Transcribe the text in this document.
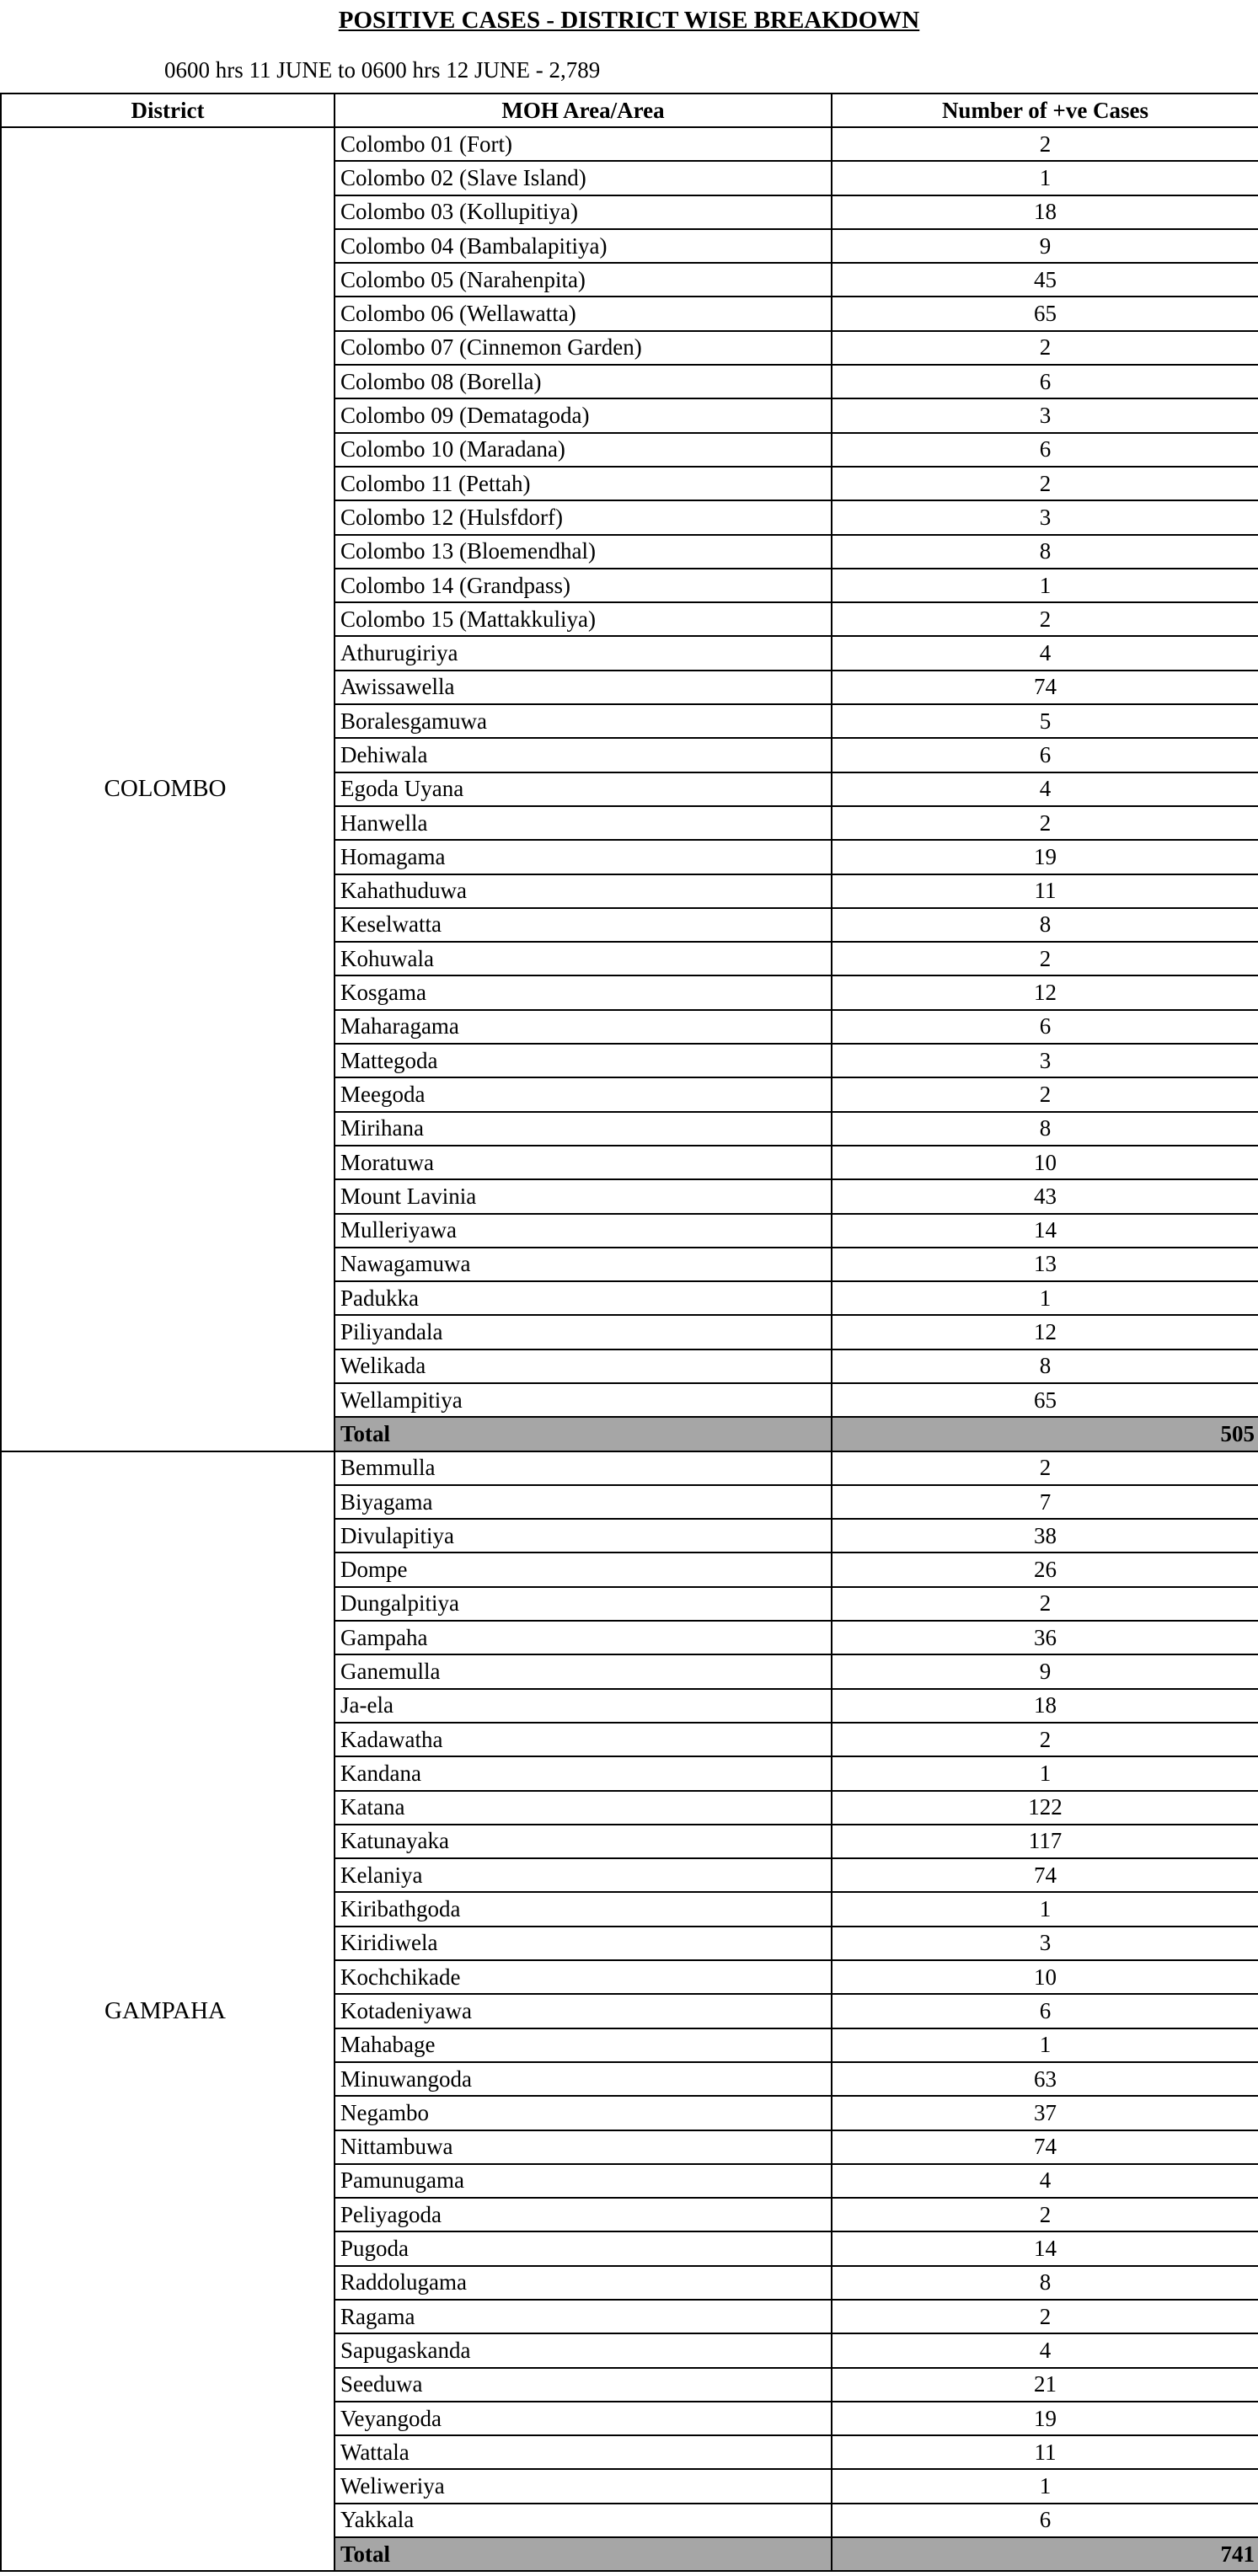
POSITIVE CASES - DISTRICT WISE BREAKDOWN
0600 hrs 11 JUNE to 0600 hrs 12 JUNE - 2,789
District	MOH Area/Area	Number of +ve Cases
COLOMBO	Colombo 01 (Fort)	2
	Colombo 02 (Slave Island)	1
	Colombo 03 (Kollupitiya)	18
	Colombo 04 (Bambalapitiya)	9
	Colombo 05 (Narahenpita)	45
	Colombo 06 (Wellawatta)	65
	Colombo 07 (Cinnemon Garden)	2
	Colombo 08 (Borella)	6
	Colombo 09 (Dematagoda)	3
	Colombo 10 (Maradana)	6
	Colombo 11 (Pettah)	2
	Colombo 12 (Hulsfdorf)	3
	Colombo 13 (Bloemendhal)	8
	Colombo 14 (Grandpass)	1
	Colombo 15 (Mattakkuliya)	2
	Athurugiriya	4
	Awissawella	74
	Boralesgamuwa	5
	Dehiwala	6
	Egoda Uyana	4
	Hanwella	2
	Homagama	19
	Kahathuduwa	11
	Keselwatta	8
	Kohuwala	2
	Kosgama	12
	Maharagama	6
	Mattegoda	3
	Meegoda	2
	Mirihana	8
	Moratuwa	10
	Mount Lavinia	43
	Mulleriyawa	14
	Nawagamuwa	13
	Padukka	1
	Piliyandala	12
	Welikada	8
	Wellampitiya	65
	Total	505
GAMPAHA	Bemmulla	2
	Biyagama	7
	Divulapitiya	38
	Dompe	26
	Dungalpitiya	2
	Gampaha	36
	Ganemulla	9
	Ja-ela	18
	Kadawatha	2
	Kandana	1
	Katana	122
	Katunayaka	117
	Kelaniya	74
	Kiribathgoda	1
	Kiridiwela	3
	Kochchikade	10
	Kotadeniyawa	6
	Mahabage	1
	Minuwangoda	63
	Negambo	37
	Nittambuwa	74
	Pamunugama	4
	Peliyagoda	2
	Pugoda	14
	Raddolugama	8
	Ragama	2
	Sapugaskanda	4
	Seeduwa	21
	Veyangoda	19
	Wattala	11
	Weliweriya	1
	Yakkala	6
	Total	741
